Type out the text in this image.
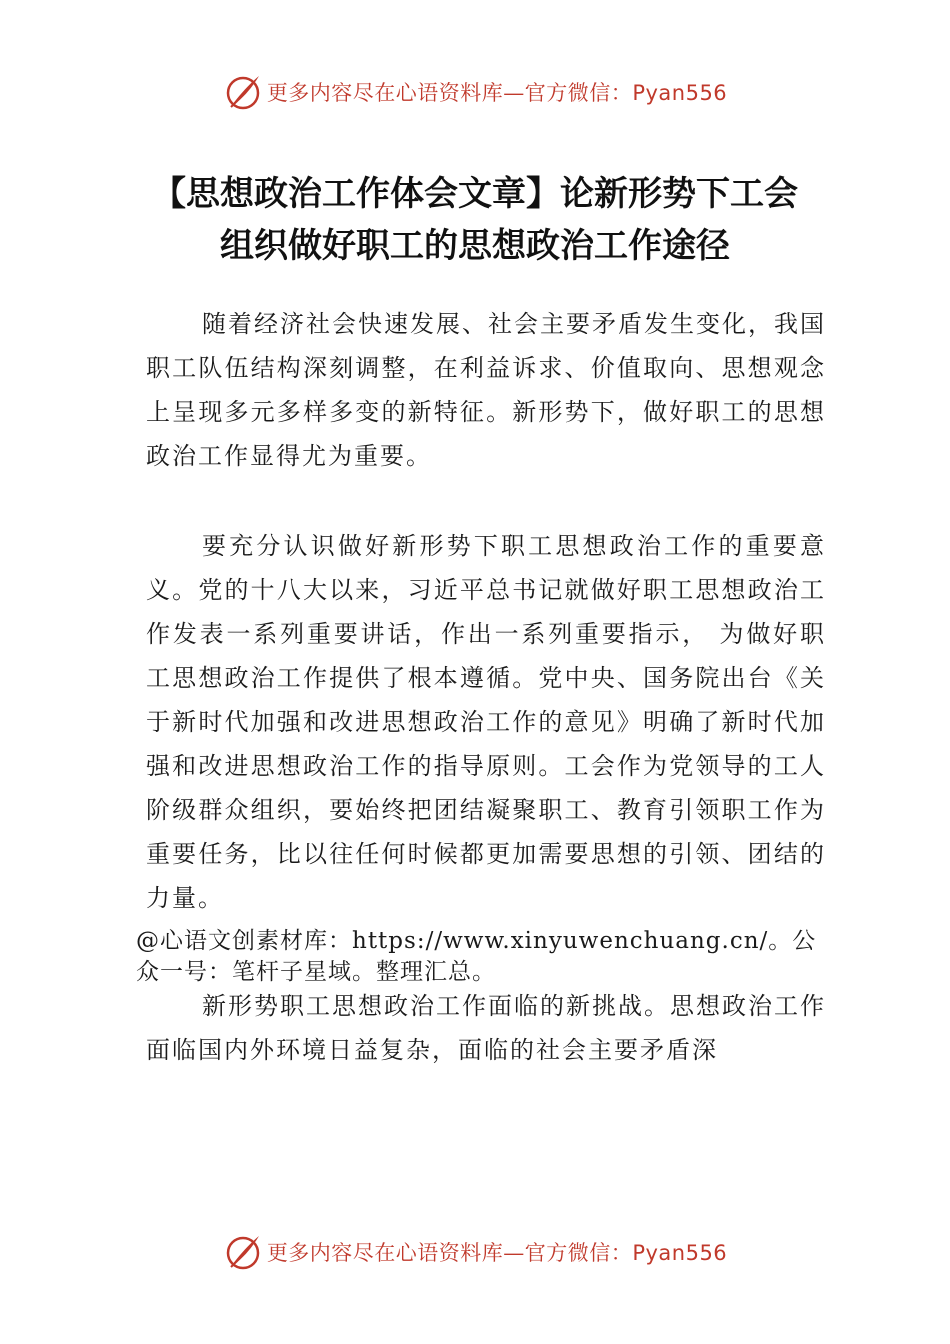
更多内容尽在心语资料库—官方微信：Pyan556
【思想政治工作体会文章】论新形势下工会
组织做好职工的思想政治工作途径

随着经济社会快速发展、社会主要矛盾发生变化，我国职工队伍结构深刻调整，在利益诉求、价值取向、思想观念上呈现多元多样多变的新特征。新形势下，做好职工的思想政治工作显得尤为重要。

要充分认识做好新形势下职工思想政治工作的重要意义。党的十八大以来，习近平总书记就做好职工思想政治工作发表一系列重要讲话，作出一系列重要指示， 为做好职工思想政治工作提供了根本遵循。党中央、国务院出台《关于新时代加强和改进思想政治工作的意见》明确了新时代加强和改进思想政治工作的指导原则。工会作为党领导的工人阶级群众组织，要始终把团结凝聚职工、教育引领职工作为重要任务，比以往任何时候都更加需要思想的引领、团结的力量。

@心语文创素材库：https://www.xinyuwenchuang.cn/。公众一号：笔杆子星域。整理汇总。

新形势职工思想政治工作面临的新挑战。思想政治工作面临国内外环境日益复杂，面临的社会主要矛盾深

更多内容尽在心语资料库—官方微信：Pyan556
